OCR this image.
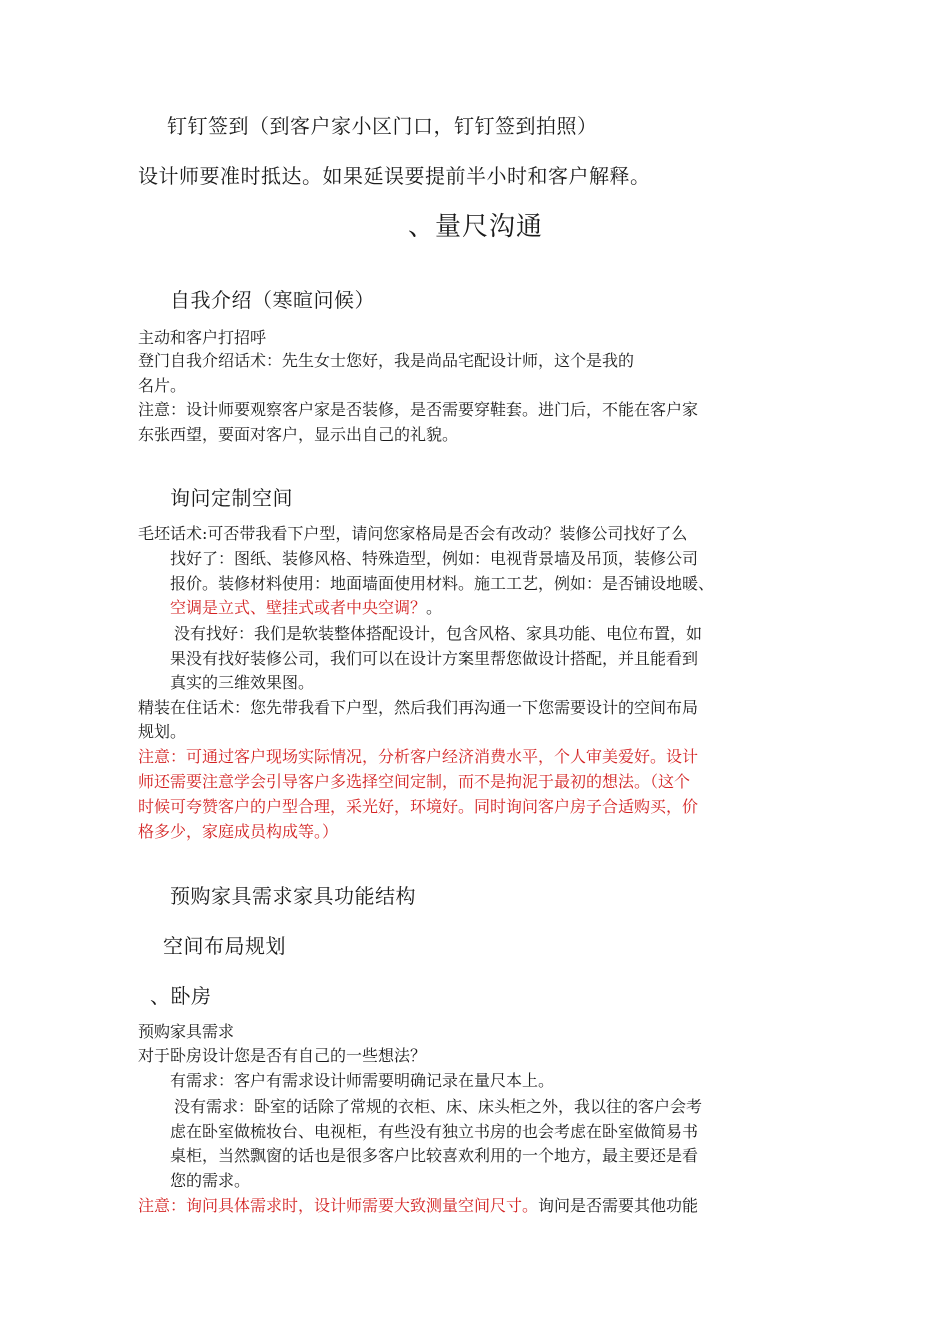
钉钉签到（到客户家小区门口，钉钉签到拍照）
设计师要准时抵达。如果延误要提前半小时和客户解释。
、量尺沟通
自我介绍（寒暄问候）
主动和客户打招呼
登门自我介绍话术：先生女士您好，我是尚品宅配设计师，这个是我的
名片。
注意：设计师要观察客户家是否装修，是否需要穿鞋套。进门后，不能在客户家
东张西望，要面对客户，显示出自己的礼貌。
询问定制空间
毛坯话术:可否带我看下户型，请问您家格局是否会有改动？装修公司找好了么
找好了：图纸、装修风格、特殊造型，例如：电视背景墙及吊顶，装修公司
报价。装修材料使用：地面墙面使用材料。施工工艺，例如：是否铺设地暖、
空调是立式、壁挂式或者中央空调？。
没有找好：我们是软装整体搭配设计，包含风格、家具功能、电位布置，如
果没有找好装修公司，我们可以在设计方案里帮您做设计搭配，并且能看到
真实的三维效果图。
精装在住话术：您先带我看下户型，然后我们再沟通一下您需要设计的空间布局
规划。
注意：可通过客户现场实际情况，分析客户经济消费水平，个人审美爱好。设计
师还需要注意学会引导客户多选择空间定制，而不是拘泥于最初的想法。（这个
时候可夸赞客户的户型合理，采光好，环境好。同时询问客户房子合适购买，价
格多少，家庭成员构成等。）
预购家具需求家具功能结构
空间布局规划
、卧房
预购家具需求
对于卧房设计您是否有自己的一些想法？
有需求：客户有需求设计师需要明确记录在量尺本上。
没有需求：卧室的话除了常规的衣柜、床、床头柜之外，我以往的客户会考
虑在卧室做梳妆台、电视柜，有些没有独立书房的也会考虑在卧室做简易书
桌柜，当然飘窗的话也是很多客户比较喜欢利用的一个地方，最主要还是看
您的需求。
注意：询问具体需求时，设计师需要大致测量空间尺寸。询问是否需要其他功能
